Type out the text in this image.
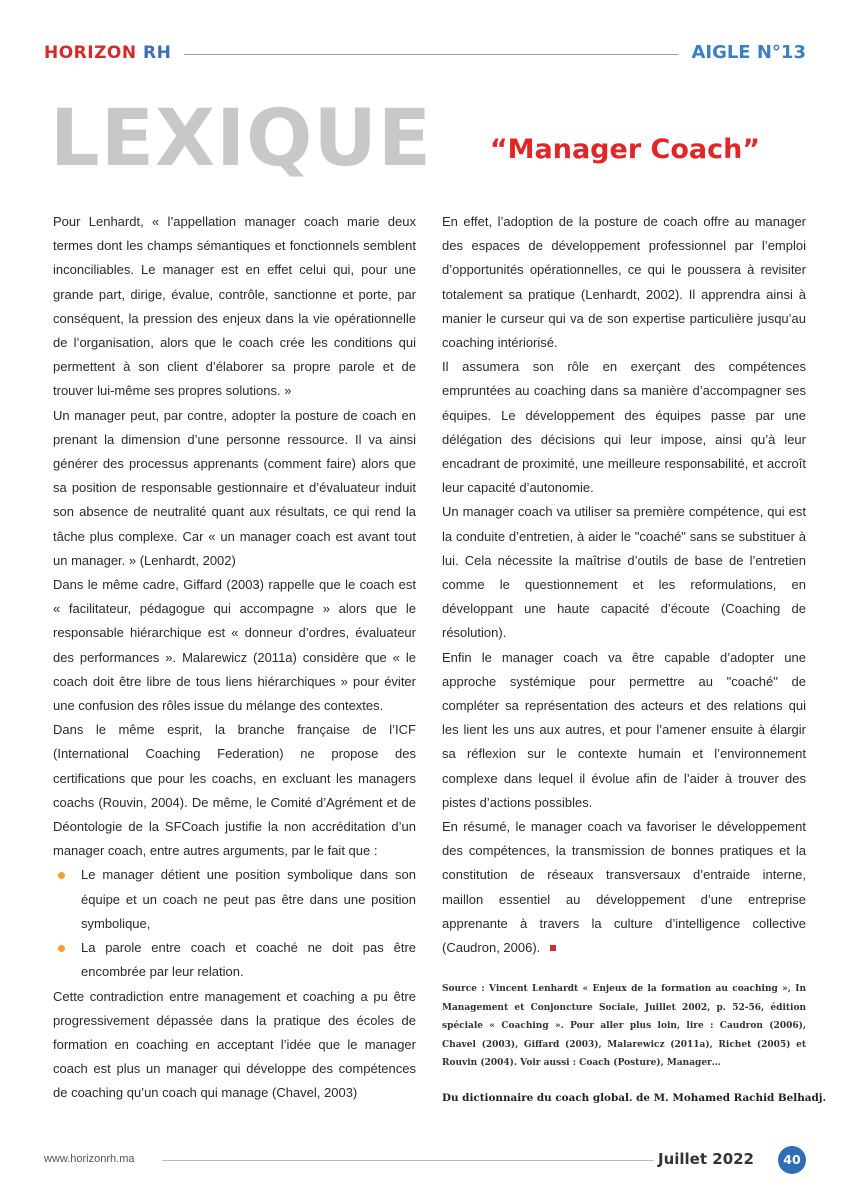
HORIZON RH	AIGLE N°13
LEXIQUE	“Manager Coach”

Pour Lenhardt, « l’appellation manager coach marie deux termes dont les champs sémantiques et fonctionnels semblent inconciliables. Le manager est en effet celui qui, pour une grande part, dirige, évalue, contrôle, sanctionne et porte, par conséquent, la pression des enjeux dans la vie opérationnelle de l’organisation, alors que le coach crée les conditions qui permettent à son client d’élaborer sa propre parole et de trouver lui-même ses propres solutions. »

Un manager peut, par contre, adopter la posture de coach en prenant la dimension d’une personne ressource. Il va ainsi générer des processus apprenants (comment faire) alors que sa position de responsable gestionnaire et d’évaluateur induit son absence de neutralité quant aux résultats, ce qui rend la tâche plus complexe. Car « un manager coach est avant tout un manager. » (Lenhardt, 2002)

Dans le même cadre, Giffard (2003) rappelle que le coach est « facilitateur, pédagogue qui accompagne » alors que le responsable hiérarchique est « donneur d’ordres, évaluateur des performances ». Malarewicz (2011a) considère que « le coach doit être libre de tous liens hiérarchiques » pour éviter une confusion des rôles issue du mélange des contextes.

Dans le même esprit, la branche française de l’ICF (International Coaching Federation) ne propose des certifications que pour les coachs, en excluant les managers coachs (Rouvin, 2004). De même, le Comité d’Agrément et de Déontologie de la SFCoach justifie la non accréditation d’un manager coach, entre autres arguments, par le fait que :

Le manager détient une position symbolique dans son équipe et un coach ne peut pas être dans une position symbolique,
La parole entre coach et coaché ne doit pas être encombrée par leur relation.

Cette contradiction entre management et coaching a pu être progressivement dépassée dans la pratique des écoles de formation en coaching en acceptant l’idée que le manager coach est plus un manager qui développe des compétences de coaching qu’un coach qui manage (Chavel, 2003)

En effet, l’adoption de la posture de coach offre au manager des espaces de développement professionnel par l’emploi d’opportunités opérationnelles, ce qui le poussera à revisiter totalement sa pratique (Lenhardt, 2002). Il apprendra ainsi à manier le curseur qui va de son expertise particulière jusqu’au coaching intériorisé.

Il assumera son rôle en exerçant des compétences empruntées au coaching dans sa manière d’accompagner ses équipes. Le développement des équipes passe par une délégation des décisions qui leur impose, ainsi qu’à leur encadrant de proximité, une meilleure responsabilité, et accroît leur capacité d’autonomie.

Un manager coach va utiliser sa première compétence, qui est la conduite d’entretien, à aider le "coaché" sans se substituer à lui. Cela nécessite la maîtrise d’outils de base de l’entretien comme le questionnement et les reformulations, en développant une haute capacité d’écoute (Coaching de résolution).

Enfin le manager coach va être capable d’adopter une approche systémique pour permettre au "coaché" de compléter sa représentation des acteurs et des relations qui les lient les uns aux autres, et pour l’amener ensuite à élargir sa réflexion sur le contexte humain et l’environnement complexe dans lequel il évolue afin de l’aider à trouver des pistes d’actions possibles.

En résumé, le manager coach va favoriser le développement des compétences, la transmission de bonnes pratiques et la constitution de réseaux transversaux d’entraide interne, maillon essentiel au développement d’une entreprise apprenante à travers la culture d’intelligence collective (Caudron, 2006).

Source : Vincent Lenhardt « Enjeux de la formation au coaching », In Management et Conjoncture Sociale, Juillet 2002, p. 52-56, édition spéciale « Coaching ». Pour aller plus loin, lire : Caudron (2006), Chavel (2003), Giffard (2003), Malarewicz (2011a), Richet (2005) et Rouvin (2004). Voir aussi : Coach (Posture), Manager…
Du dictionnaire du coach global. de M. Mohamed Rachid Belhadj.
www.horizonrh.ma	Juillet 2022	40
